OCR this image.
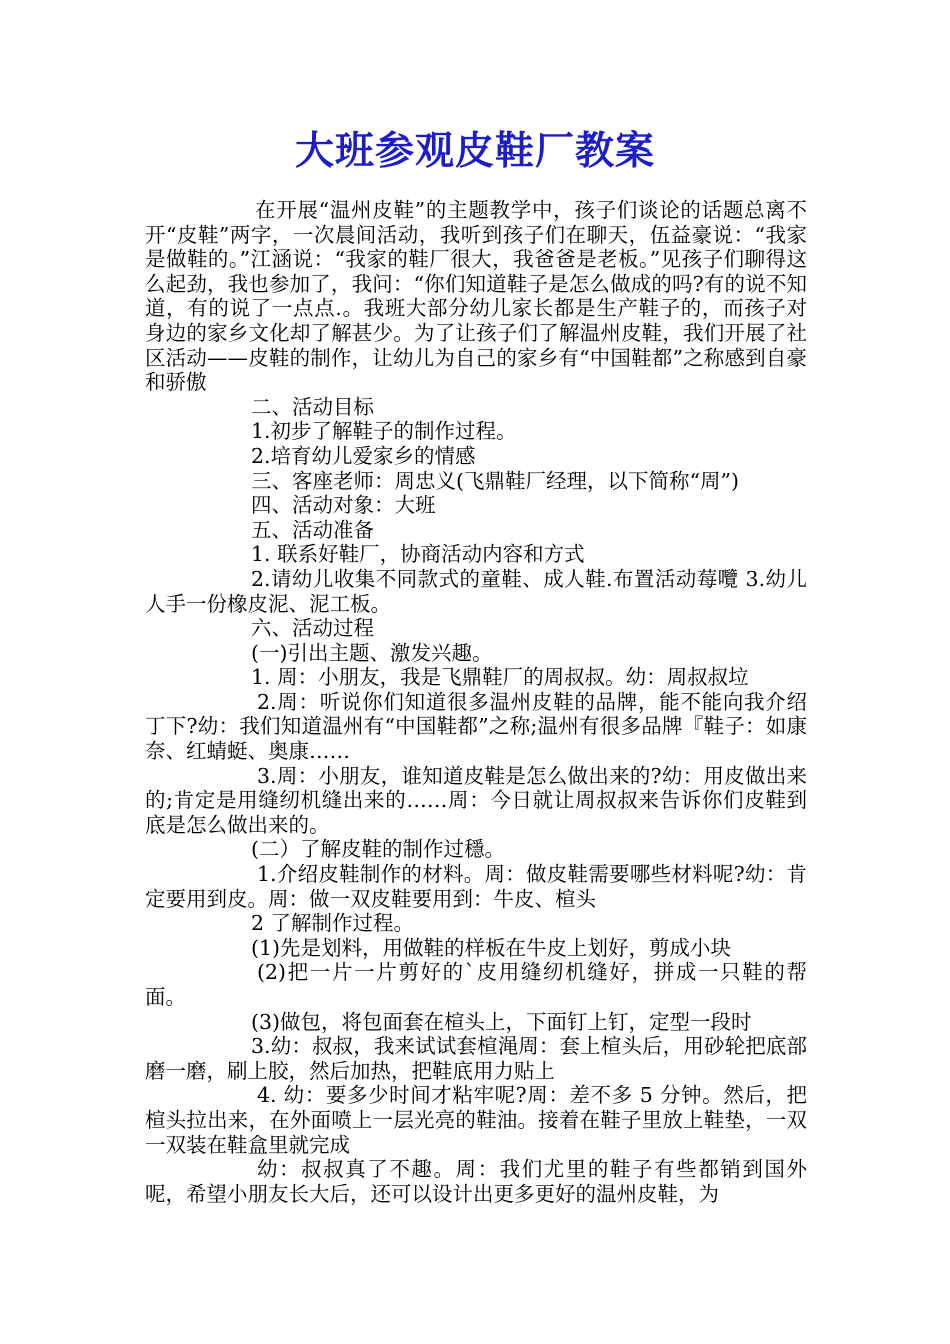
大班参观皮鞋厂教案

在开展“温州皮鞋”的主题教学中，孩子们谈论的话题总离不开“皮鞋”两字，一次晨间活动，我听到孩子们在聊天，伍益豪说：“我家是做鞋的。”江涵说：“我家的鞋厂很大，我爸爸是老板。”见孩子们聊得这么起劲，我也参加了，我问：“你们知道鞋子是怎么做成的吗?有的说不知道，有的说了一点点.。我班大部分幼儿家长都是生产鞋子的，而孩子对身边的家乡文化却了解甚少。为了让孩子们了解温州皮鞋，我们开展了社区活动——皮鞋的制作，让幼儿为自己的家乡有“中国鞋都”之称感到自豪和骄傲

二、活动目标

1.初步了解鞋子的制作过程。

2.培育幼儿爱家乡的情感

三、客座老师：周忠义(飞鼎鞋厂经理，以下简称“周”)

四、活动对象：大班

五、活动准备

1. 联系好鞋厂，协商活动内容和方式

2.请幼儿收集不同款式的童鞋、成人鞋.布置活动莓囕 3.幼儿人手一份橡皮泥、泥工板。

六、活动过程

(一)引出主题、激发兴趣。

1. 周：小朋友，我是飞鼎鞋厂的周叔叔。幼：周叔叔垃

2.周：听说你们知道很多温州皮鞋的品牌，能不能向我介绍丁下?幼：我们知道温州有“中国鞋都”之称;温州有很多品牌『鞋子：如康奈、红蜻蜓、奥康……

3.周：小朋友，谁知道皮鞋是怎么做出来的?幼：用皮做出来的;肯定是用缝纫机缝出来的……周：今日就让周叔叔来告诉你们皮鞋到底是怎么做出来的。

(二）了解皮鞋的制作过穩。

1.介绍皮鞋制作的材料。周：做皮鞋需要哪些材料呢?幼：肯定要用到皮。周：做一双皮鞋要用到：牛皮、楦头

2 了解制作过程。

(1)先是划料，用做鞋的样板在牛皮上划好，剪成小块

(2)把一片一片剪好的`皮用缝纫机缝好，拼成一只鞋的帮面。

(3)做包，将包面套在楦头上，下面钉上钉，定型一段时

3.幼：叔叔，我来试试套楦渑周：套上楦头后，用砂轮把底部磨一磨，刷上胶，然后加热，把鞋底用力贴上

4. 幼：要多少时间才粘牢呢?周：差不多 5 分钟。然后，把楦头拉出来，在外面喷上一层光亮的鞋油。接着在鞋子里放上鞋垫，一双一双装在鞋盒里就完成

幼：叔叔真了不趣。周：我们尤里的鞋子有些都销到国外呢，希望小朋友长大后，还可以设计出更多更好的温州皮鞋，为
